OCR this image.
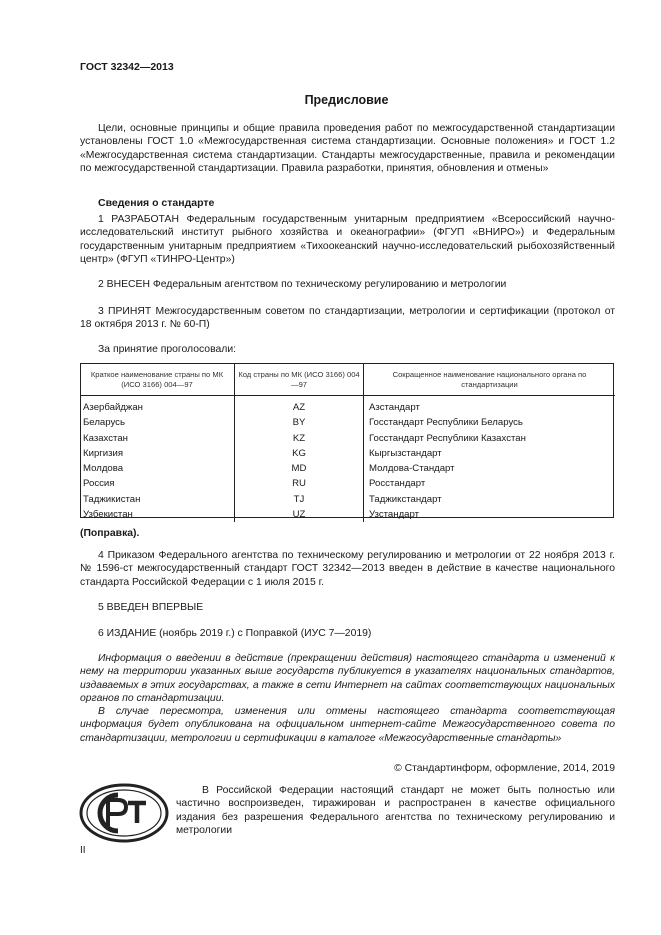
ГОСТ 32342—2013
Предисловие
Цели, основные принципы и общие правила проведения работ по межгосударственной стандартизации установлены ГОСТ 1.0 «Межгосударственная система стандартизации. Основные положения» и ГОСТ 1.2 «Межгосударственная система стандартизации. Стандарты межгосударственные, правила и рекомендации по межгосударственной стандартизации. Правила разработки, принятия, обновления и отмены»
Сведения о стандарте
1 РАЗРАБОТАН Федеральным государственным унитарным предприятием «Всероссийский научно-исследовательский институт рыбного хозяйства и океанографии» (ФГУП «ВНИРО») и Федеральным государственным унитарным предприятием «Тихоокеанский научно-исследовательский рыбохозяйственный центр» (ФГУП «ТИНРО-Центр»)
2 ВНЕСЕН Федеральным агентством по техническому регулированию и метрологии
3 ПРИНЯТ Межгосударственным советом по стандартизации, метрологии и сертификации (протокол от 18 октября 2013 г. № 60-П)
За принятие проголосовали:
Краткое наименование страны по МК (ИСО 3166) 004—97	Код страны по МК (ИСО 3166) 004—97	Сокращенное наименование национального органа по стандартизации
Азербайджан	AZ	Азстандарт
Беларусь	BY	Госстандарт Республики Беларусь
Казахстан	KZ	Госстандарт Республики Казахстан
Киргизия	KG	Кыргызстандарт
Молдова	MD	Молдова-Стандарт
Россия	RU	Росстандарт
Таджикистан	TJ	Таджикстандарт
Узбекистан	UZ	Узстандарт
(Поправка).
4 Приказом Федерального агентства по техническому регулированию и метрологии от 22 ноября 2013 г. № 1596-ст межгосударственный стандарт ГОСТ 32342—2013 введен в действие в качестве национального стандарта Российской Федерации с 1 июля 2015 г.
5 ВВЕДЕН ВПЕРВЫЕ
6 ИЗДАНИЕ (ноябрь 2019 г.) с Поправкой (ИУС 7—2019)
Информация о введении в действие (прекращении действия) настоящего стандарта и изменений к нему на территории указанных выше государств публикуется в указателях национальных стандартов, издаваемых в этих государствах, а также в сети Интернет на сайтах соответствующих национальных органов по стандартизации.
В случае пересмотра, изменения или отмены настоящего стандарта соответствующая информация будет опубликована на официальном интернет-сайте Межгосударственного совета по стандартизации, метрологии и сертификации в каталоге «Межгосударственные стандарты»
© Стандартинформ, оформление, 2014, 2019
В Российской Федерации настоящий стандарт не может быть полностью или частично воспроизведен, тиражирован и распространен в качестве официального издания без разрешения Федерального агентства по техническому регулированию и метрологии
II
